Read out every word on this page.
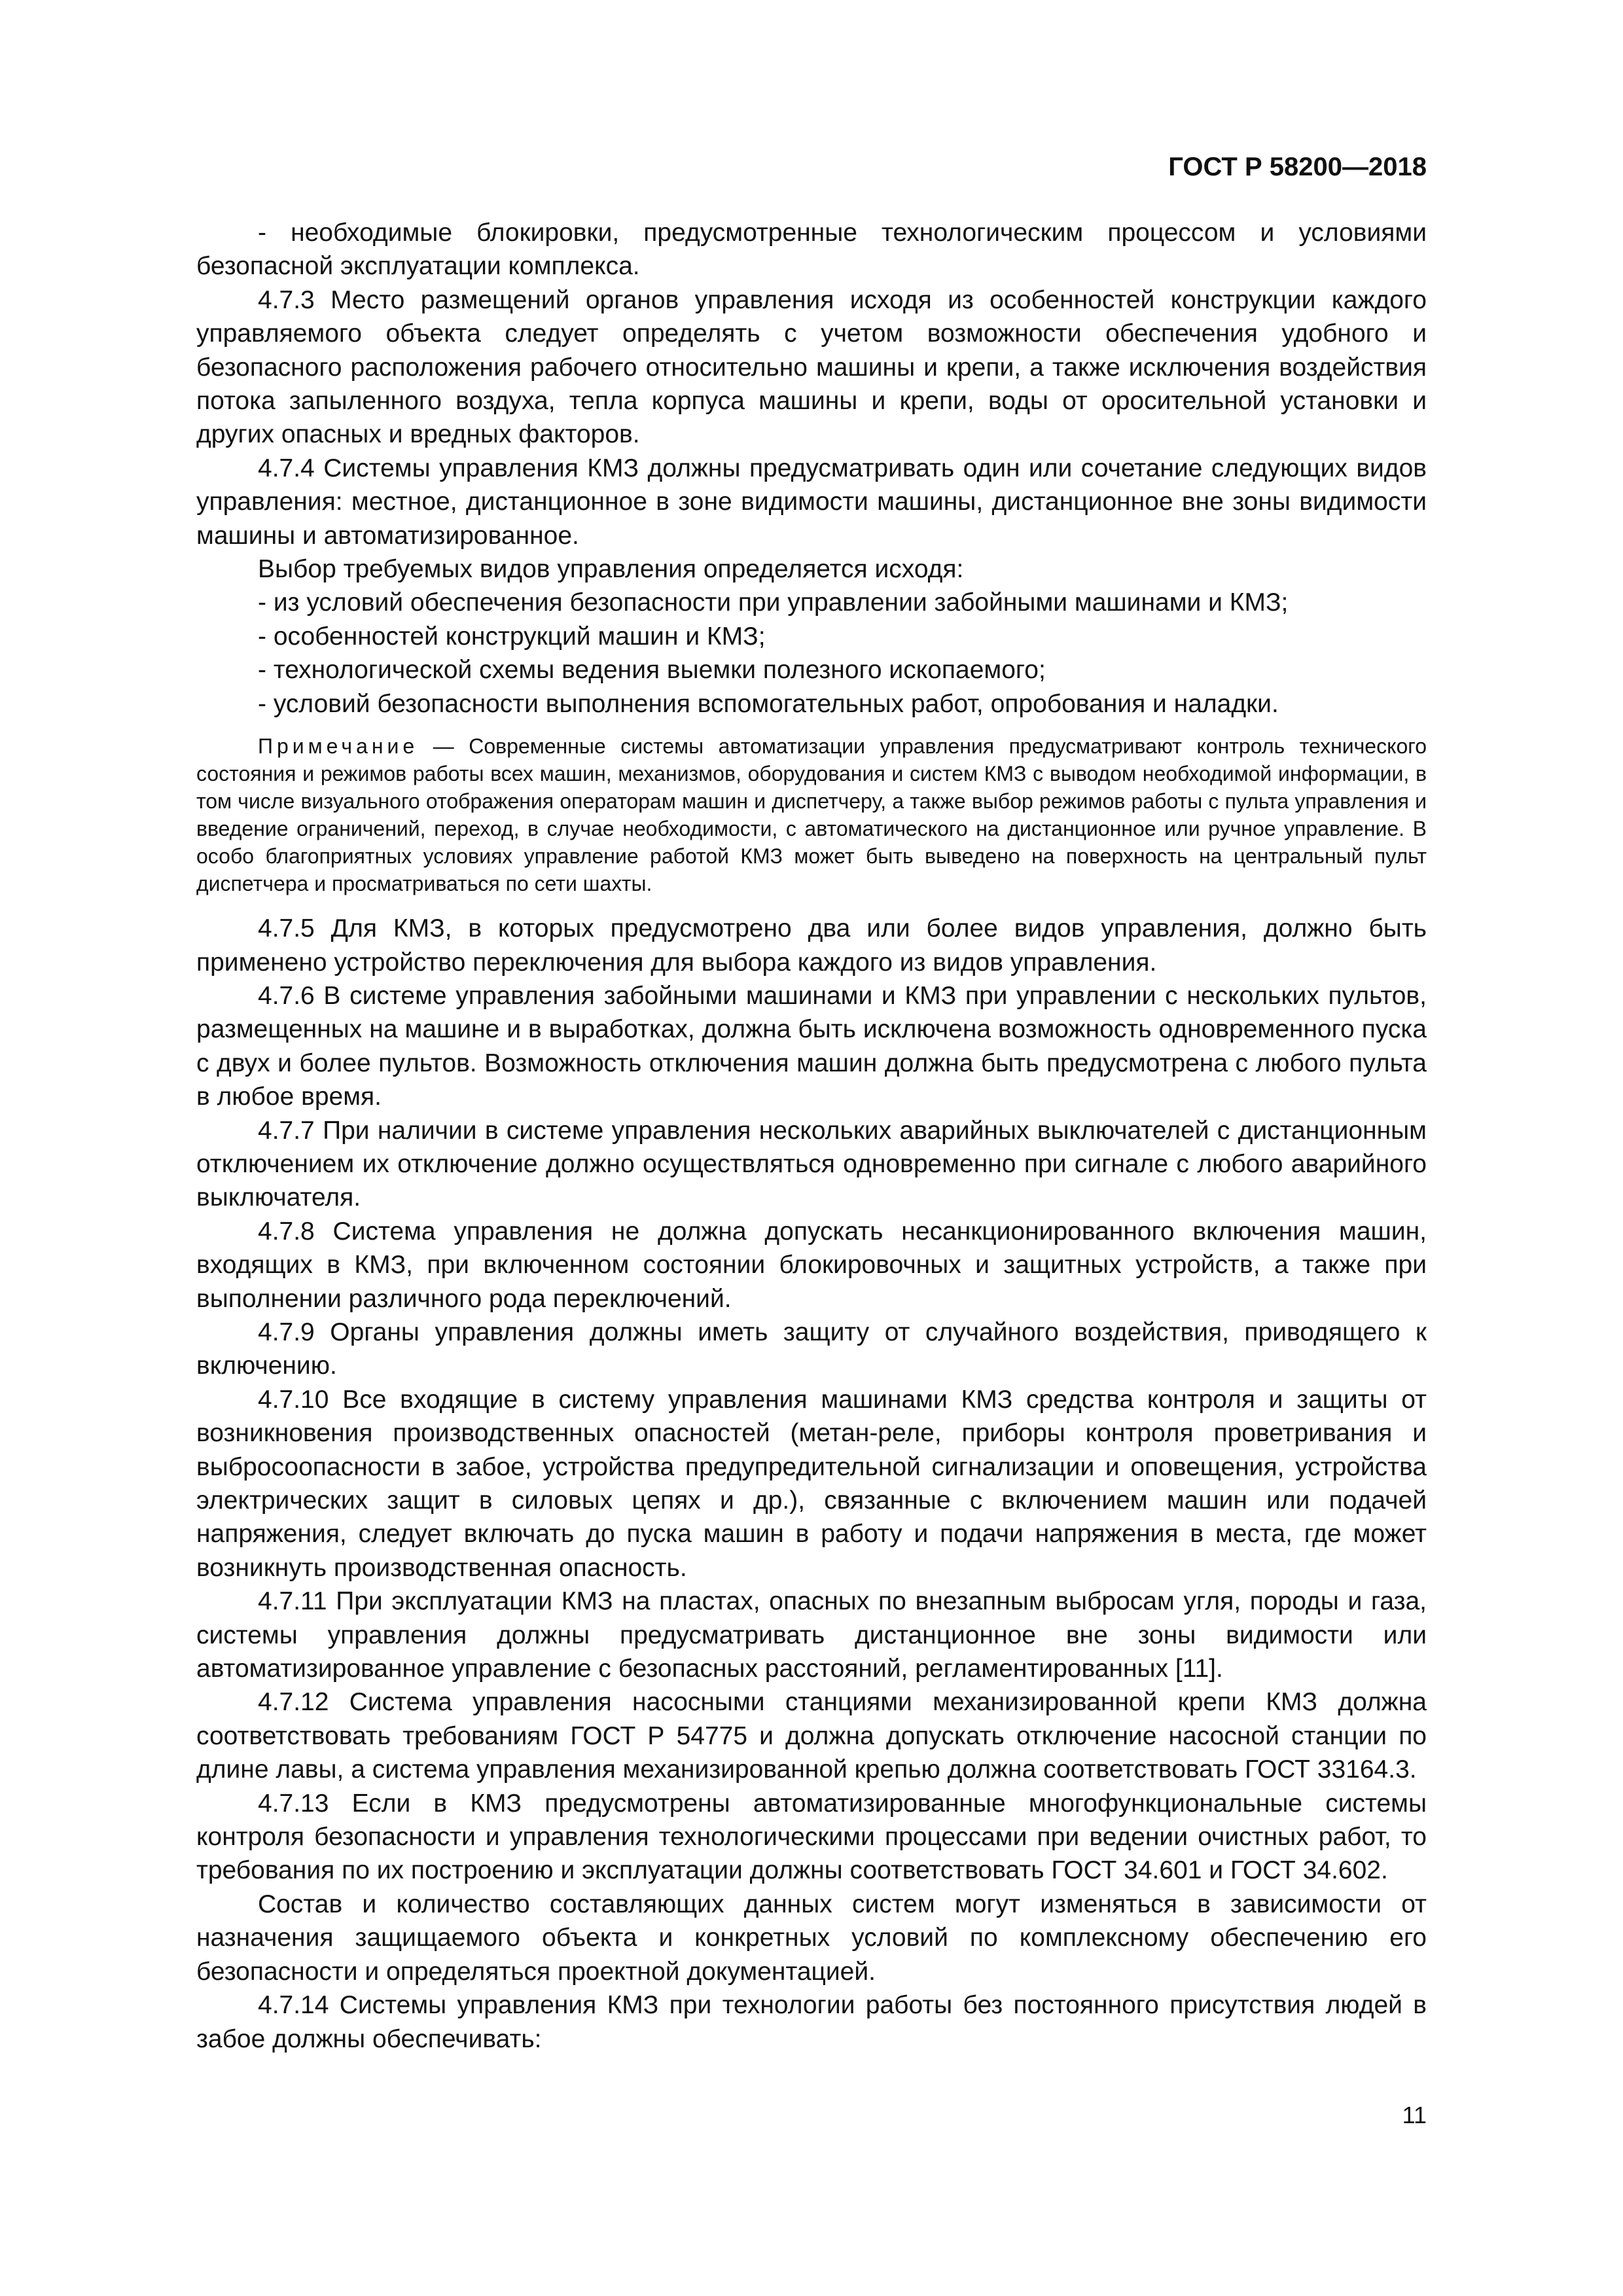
ГОСТ Р 58200—2018

- необходимые блокировки, предусмотренные технологическим процессом и условиями безопасной эксплуатации комплекса.

4.7.3 Место размещений органов управления исходя из особенностей конструкции каждого управляемого объекта следует определять с учетом возможности обеспечения удобного и безопасного расположения рабочего относительно машины и крепи, а также исключения воздействия потока запыленного воздуха, тепла корпуса машины и крепи, воды от оросительной установки и других опасных и вредных факторов.

4.7.4 Системы управления КМЗ должны предусматривать один или сочетание следующих видов управления: местное, дистанционное в зоне видимости машины, дистанционное вне зоны видимости машины и автоматизированное.

Выбор требуемых видов управления определяется исходя:

- из условий обеспечения безопасности при управлении забойными машинами и КМЗ;

- особенностей конструкций машин и КМЗ;

- технологической схемы ведения выемки полезного ископаемого;

- условий безопасности выполнения вспомогательных работ, опробования и наладки.

Примечание — Современные системы автоматизации управления предусматривают контроль технического состояния и режимов работы всех машин, механизмов, оборудования и систем КМЗ с выводом необходимой информации, в том числе визуального отображения операторам машин и диспетчеру, а также выбор режимов работы с пульта управления и введение ограничений, переход, в случае необходимости, с автоматического на дистанционное или ручное управление. В особо благоприятных условиях управление работой КМЗ может быть выведено на поверхность на центральный пульт диспетчера и просматриваться по сети шахты.

4.7.5 Для КМЗ, в которых предусмотрено два или более видов управления, должно быть применено устройство переключения для выбора каждого из видов управления.

4.7.6 В системе управления забойными машинами и КМЗ при управлении с нескольких пультов, размещенных на машине и в выработках, должна быть исключена возможность одновременного пуска с двух и более пультов. Возможность отключения машин должна быть предусмотрена с любого пульта в любое время.

4.7.7 При наличии в системе управления нескольких аварийных выключателей с дистанционным отключением их отключение должно осуществляться одновременно при сигнале с любого аварийного выключателя.

4.7.8 Система управления не должна допускать несанкционированного включения машин, входящих в КМЗ, при включенном состоянии блокировочных и защитных устройств, а также при выполнении различного рода переключений.

4.7.9 Органы управления должны иметь защиту от случайного воздействия, приводящего к включению.

4.7.10 Все входящие в систему управления машинами КМЗ средства контроля и защиты от возникновения производственных опасностей (метан-реле, приборы контроля проветривания и выбросоопасности в забое, устройства предупредительной сигнализации и оповещения, устройства электрических защит в силовых цепях и др.), связанные с включением машин или подачей напряжения, следует включать до пуска машин в работу и подачи напряжения в места, где может возникнуть производственная опасность.

4.7.11 При эксплуатации КМЗ на пластах, опасных по внезапным выбросам угля, породы и газа, системы управления должны предусматривать дистанционное вне зоны видимости или автоматизированное управление с безопасных расстояний, регламентированных [11].

4.7.12 Система управления насосными станциями механизированной крепи КМЗ должна соответствовать требованиям ГОСТ Р 54775 и должна допускать отключение насосной станции по длине лавы, а система управления механизированной крепью должна соответствовать ГОСТ 33164.3.

4.7.13 Если в КМЗ предусмотрены автоматизированные многофункциональные системы контроля безопасности и управления технологическими процессами при ведении очистных работ, то требования по их построению и эксплуатации должны соответствовать ГОСТ 34.601 и ГОСТ 34.602.

Состав и количество составляющих данных систем могут изменяться в зависимости от назначения защищаемого объекта и конкретных условий по комплексному обеспечению его безопасности и определяться проектной документацией.

4.7.14 Системы управления КМЗ при технологии работы без постоянного присутствия людей в забое должны обеспечивать:

11
